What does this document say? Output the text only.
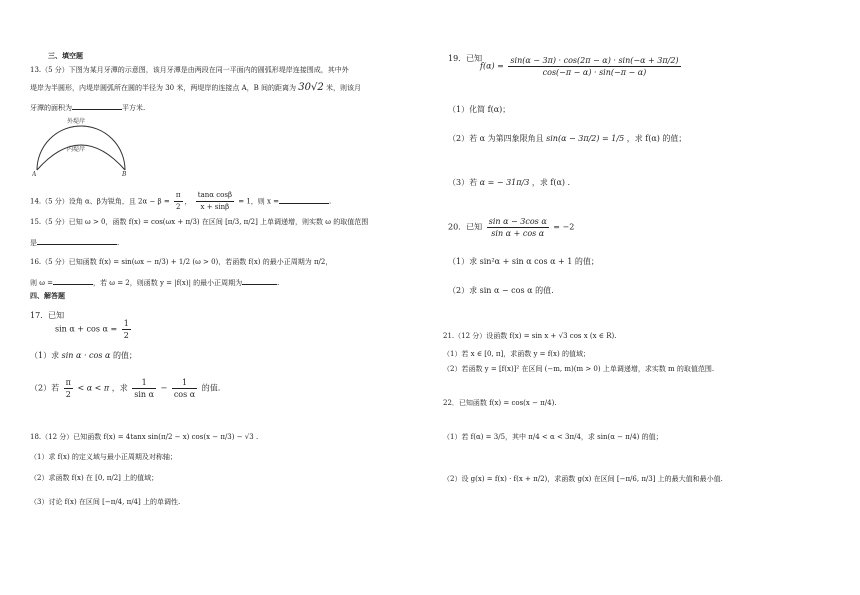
三、填空题
13.（5 分）下图为某月牙潭的示意图，该月牙潭是由两段在同一平面内的圆弧形堤岸连接围成，其中外
堤岸为半圆形，内堤岸圆弧所在圆的半径为 30 米，两堤岸的连接点 A，B 间的距离为 30√2 米，则该月
牙潭的面积为	平方米.
外堤岸
内堤岸
A	B
14.（5 分）设角 α、β为锐角，且 $2\alpha - \beta = \frac{\pi}{2}$ ， $\frac{\text{tanα cosβ}}{x + \sin\beta} = 1$，则 x =	.
15.（5 分）已知 ω > 0，函数 f(x) = cos(ωx + π/3) 在区间 [π/3, π/2] 上单调递增，则实数 ω 的取值范围
是	.
16.（5 分）已知函数 f(x) = sin(ωx − π/3) + 1/2 (ω > 0)，若函数 f(x) 的最小正周期为 π/2，
则 ω =	，若 ω = 2，则函数 y = |f(x)| 的最小正周期为	.
四、解答题
17．已知
$\sin \alpha + \cos \alpha = \frac{1}{2}$
（1）求 sin α · cos α 的值；
（2）若 $\frac{\pi}{2} < \alpha < \pi$ ，求 $\frac{1}{\text{sin α}} - \frac{1}{\text{cos α}}$ 的值.
18.（12 分）已知函数 f(x) = 4tanx sin(π/2 − x) cos(x − π/3) − √3 .
（1）求 f(x) 的定义域与最小正周期及对称轴；
（2）求函数 f(x) 在 [0, π/2] 上的值域；
（3）讨论 f(x) 在区间 [−π/4, π/4] 上的单调性.
19．已知
$f(\alpha) = \frac{\sin(\alpha - 3\pi) \cdot \cos(2\pi - \alpha) \cdot \sin(-\alpha + 3\pi/2)}{\cos(-\pi - \alpha) \cdot \sin(-\pi - \alpha)}$
（1）化简 f(α)；
（2）若 α 为第四象限角且 sin(α − 3π/2) = 1/5 ，求 f(α) 的值；
（3）若 α = − 31π/3 ，求 f(α) .
20．已知 $\frac{\text{sin α − 3cos α}}{\text{sin α + cos α}} = -2$
（1）求 sin²α + sin α cos α + 1 的值；
（2）求 sin α − cos α 的值.
21.（12 分）设函数 f(x) = sin x + √3 cos x (x ∈ R).
（1）若 x ∈ [0, π]，求函数 y = f(x) 的值域；
（2）若函数 y = [f(x)]² 在区间 (−m, m)(m > 0) 上单调递增，求实数 m 的取值范围.
22．已知函数 f(x) = cos(x − π/4).
（1）若 f(α) = 3/5，其中 π/4 < α < 3π/4，求 sin(α − π/4) 的值；
（2）设 g(x) = f(x) · f(x + π/2)，求函数 g(x) 在区间 [−π/6, π/3] 上的最大值和最小值.
